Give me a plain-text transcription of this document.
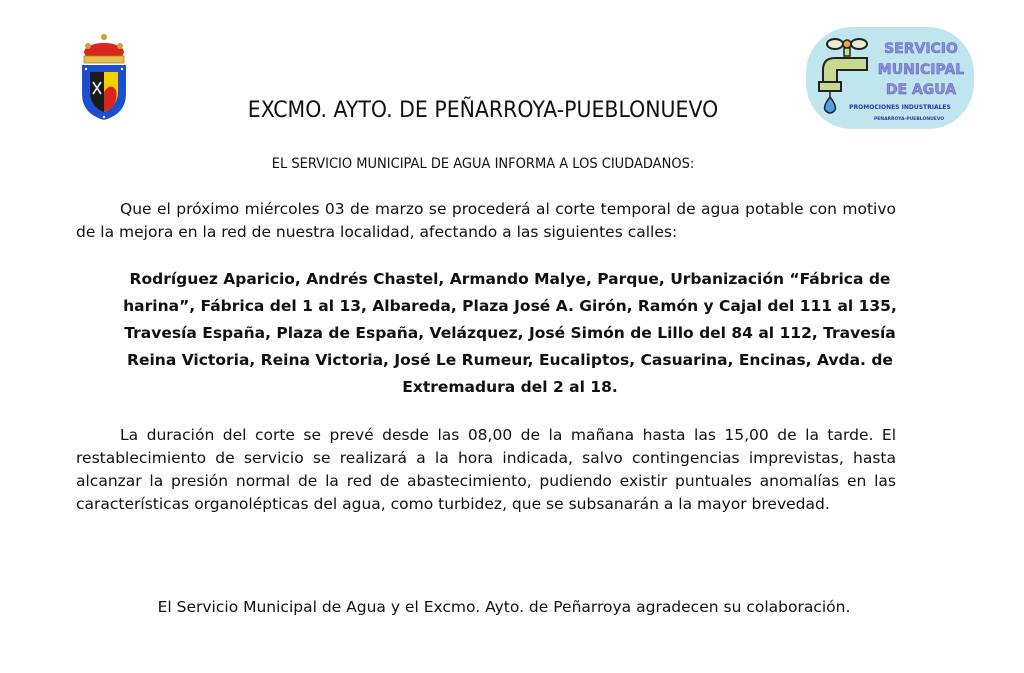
SERVICIO
MUNICIPAL
DE AGUA
PROMOCIONES INDUSTRIALES
PEÑARROYA-PUEBLONUEVO
EXCMO. AYTO. DE PEÑARROYA-PUEBLONUEVO
EL SERVICIO MUNICIPAL DE AGUA INFORMA A LOS CIUDADANOS:
Que el próximo miércoles 03 de marzo se procederá al corte temporal de agua potable con motivo de la mejora en la red de nuestra localidad, afectando a las siguientes calles:
Rodríguez Aparicio, Andrés Chastel, Armando Malye, Parque, Urbanización “Fábrica de harina”, Fábrica del 1 al 13, Albareda, Plaza José A. Girón, Ramón y Cajal del 111 al 135, Travesía España, Plaza de España, Velázquez, José Simón de Lillo del 84 al 112, Travesía Reina Victoria, Reina Victoria, José Le Rumeur, Eucaliptos, Casuarina, Encinas, Avda. de Extremadura del 2 al 18.
La duración del corte se prevé desde las 08,00 de la mañana hasta las 15,00 de la tarde. El restablecimiento de servicio se realizará a la hora indicada, salvo contingencias imprevistas, hasta alcanzar la presión normal de la red de abastecimiento, pudiendo existir puntuales anomalías en las características organolépticas del agua, como turbidez, que se subsanarán a la mayor brevedad.
El Servicio Municipal de Agua y el Excmo. Ayto. de Peñarroya agradecen su colaboración.
